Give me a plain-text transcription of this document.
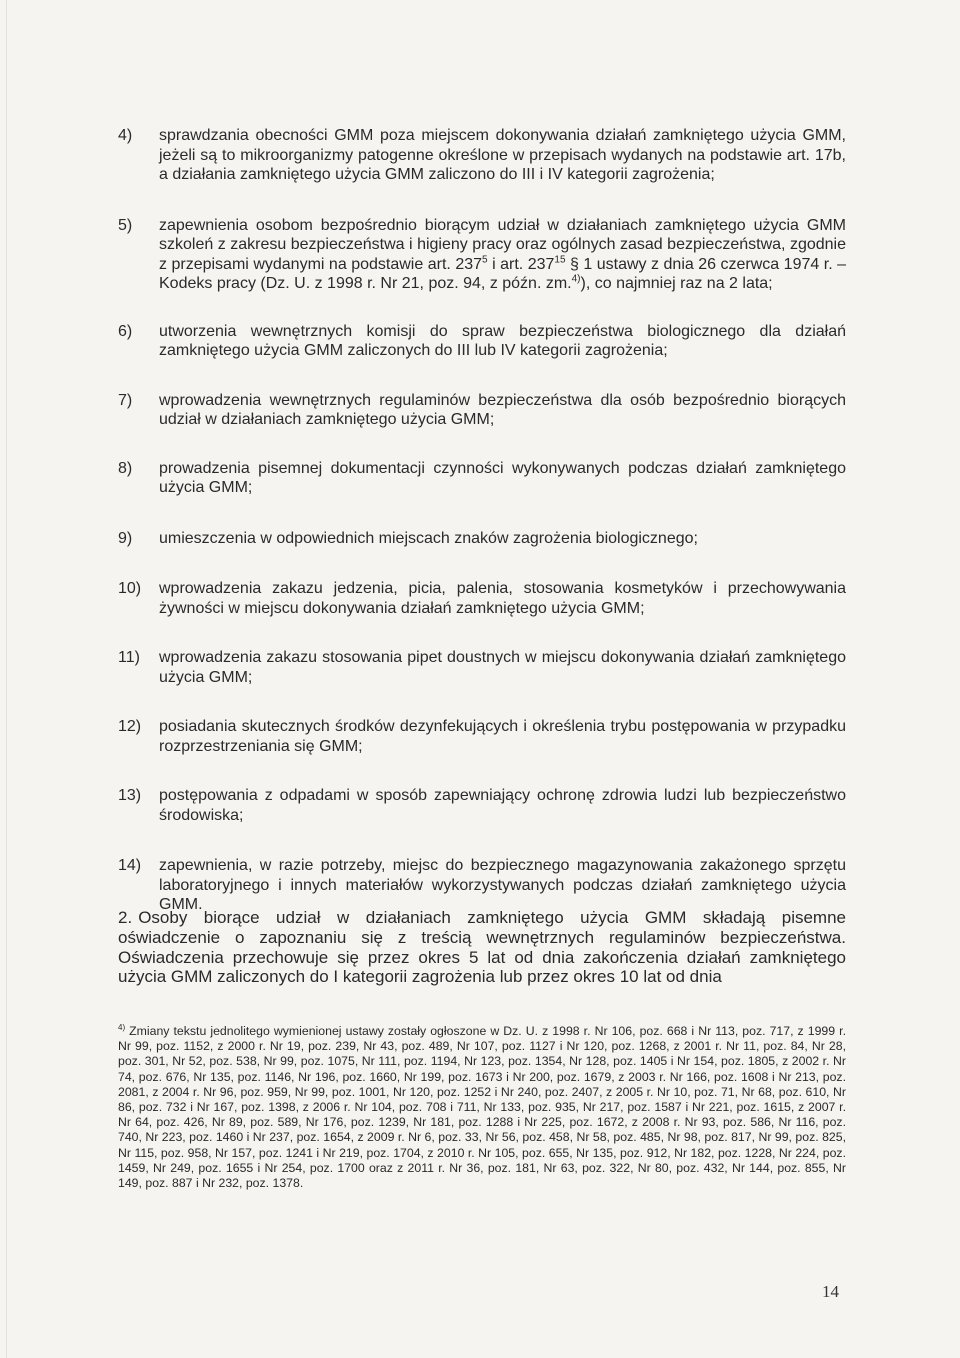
4)	sprawdzania obecności GMM poza miejscem dokonywania działań zamkniętego użycia GMM, jeżeli są to mikroorganizmy patogenne określone w przepisach wydanych na podstawie art. 17b, a działania zamkniętego użycia GMM zaliczono do III i IV kategorii zagrożenia;
5)	zapewnienia osobom bezpośrednio biorącym udział w działaniach zamkniętego użycia GMM szkoleń z zakresu bezpieczeństwa i higieny pracy oraz ogólnych zasad bezpieczeństwa, zgodnie z przepisami wydanymi na podstawie art. $237^5$ i art. $237^{15}$ § 1 ustawy z dnia 26 czerwca 1974 r. – Kodeks pracy (Dz. U. z 1998 r. Nr 21, poz. 94, z późn. zm.$^{4)}$), co najmniej raz na 2 lata;
6)	utworzenia wewnętrznych komisji do spraw bezpieczeństwa biologicznego dla działań zamkniętego użycia GMM zaliczonych do III lub IV kategorii zagrożenia;
7)	wprowadzenia wewnętrznych regulaminów bezpieczeństwa dla osób bezpośrednio biorących udział w działaniach zamkniętego użycia GMM;
8)	prowadzenia pisemnej dokumentacji czynności wykonywanych podczas działań zamkniętego użycia GMM;
9)	umieszczenia w odpowiednich miejscach znaków zagrożenia biologicznego;
10)	wprowadzenia zakazu jedzenia, picia, palenia, stosowania kosmetyków i przechowywania żywności w miejscu dokonywania działań zamkniętego użycia GMM;
11)	wprowadzenia zakazu stosowania pipet doustnych w miejscu dokonywania działań zamkniętego użycia GMM;
12)	posiadania skutecznych środków dezynfekujących i określenia trybu postępowania w przypadku rozprzestrzeniania się GMM;
13)	postępowania z odpadami w sposób zapewniający ochronę zdrowia ludzi lub bezpieczeństwo środowiska;
14)	zapewnienia, w razie potrzeby, miejsc do bezpiecznego magazynowania zakażonego sprzętu laboratoryjnego i innych materiałów wykorzystywanych podczas działań zamkniętego użycia GMM.
2. Osoby biorące udział w działaniach zamkniętego użycia GMM składają pisemne oświadczenie o zapoznaniu się z treścią wewnętrznych regulaminów bezpieczeństwa. Oświadczenia przechowuje się przez okres 5 lat od dnia zakończenia działań zamkniętego użycia GMM zaliczonych do I kategorii zagrożenia lub przez okres 10 lat od dnia
$^{4)}$ Zmiany tekstu jednolitego wymienionej ustawy zostały ogłoszone w Dz. U. z 1998 r. Nr 106, poz. 668 i Nr 113, poz. 717, z 1999 r. Nr 99, poz. 1152, z 2000 r. Nr 19, poz. 239, Nr 43, poz. 489, Nr 107, poz. 1127 i Nr 120, poz. 1268, z 2001 r. Nr 11, poz. 84, Nr 28, poz. 301, Nr 52, poz. 538, Nr 99, poz. 1075, Nr 111, poz. 1194, Nr 123, poz. 1354, Nr 128, poz. 1405 i Nr 154, poz. 1805, z 2002 r. Nr 74, poz. 676, Nr 135, poz. 1146, Nr 196, poz. 1660, Nr 199, poz. 1673 i Nr 200, poz. 1679, z 2003 r. Nr 166, poz. 1608 i Nr 213, poz. 2081, z 2004 r. Nr 96, poz. 959, Nr 99, poz. 1001, Nr 120, poz. 1252 i Nr 240, poz. 2407, z 2005 r. Nr 10, poz. 71, Nr 68, poz. 610, Nr 86, poz. 732 i Nr 167, poz. 1398, z 2006 r. Nr 104, poz. 708 i 711, Nr 133, poz. 935, Nr 217, poz. 1587 i Nr 221, poz. 1615, z 2007 r. Nr 64, poz. 426, Nr 89, poz. 589, Nr 176, poz. 1239, Nr 181, poz. 1288 i Nr 225, poz. 1672, z 2008 r. Nr 93, poz. 586, Nr 116, poz. 740, Nr 223, poz. 1460 i Nr 237, poz. 1654, z 2009 r. Nr 6, poz. 33, Nr 56, poz. 458, Nr 58, poz. 485, Nr 98, poz. 817, Nr 99, poz. 825, Nr 115, poz. 958, Nr 157, poz. 1241 i Nr 219, poz. 1704, z 2010 r. Nr 105, poz. 655, Nr 135, poz. 912, Nr 182, poz. 1228, Nr 224, poz. 1459, Nr 249, poz. 1655 i Nr 254, poz. 1700 oraz z 2011 r. Nr 36, poz. 181, Nr 63, poz. 322, Nr 80, poz. 432, Nr 144, poz. 855, Nr 149, poz. 887 i Nr 232, poz. 1378.
14
